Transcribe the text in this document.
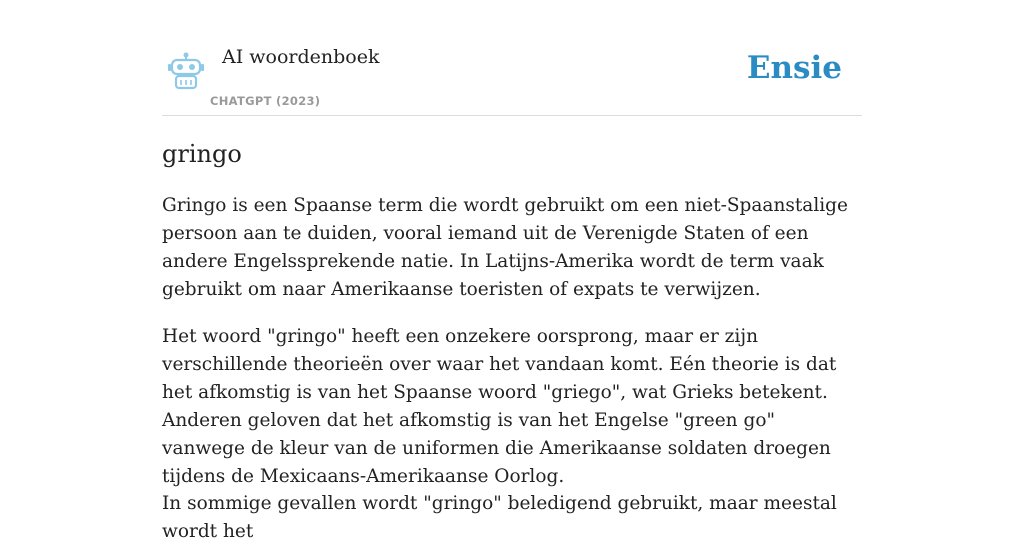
AI woordenboek
CHATGPT (2023)
Ensie
gringo

Gringo is een Spaanse term die wordt gebruikt om een niet-Spaanstalige persoon aan te duiden, vooral iemand uit de Verenigde Staten of een andere Engelssprekende natie. In Latijns-Amerika wordt de term vaak gebruikt om naar Amerikaanse toeristen of expats te verwijzen.

Het woord "gringo" heeft een onzekere oorsprong, maar er zijn verschillende theorieën over waar het vandaan komt. Eén theorie is dat het afkomstig is van het Spaanse woord "griego", wat Grieks betekent. Anderen geloven dat het afkomstig is van het Engelse "green go" vanwege de kleur van de uniformen die Amerikaanse soldaten droegen tijdens de Mexicaans-Amerikaanse Oorlog.

In sommige gevallen wordt "gringo" beledigend gebruikt, maar meestal wordt het
